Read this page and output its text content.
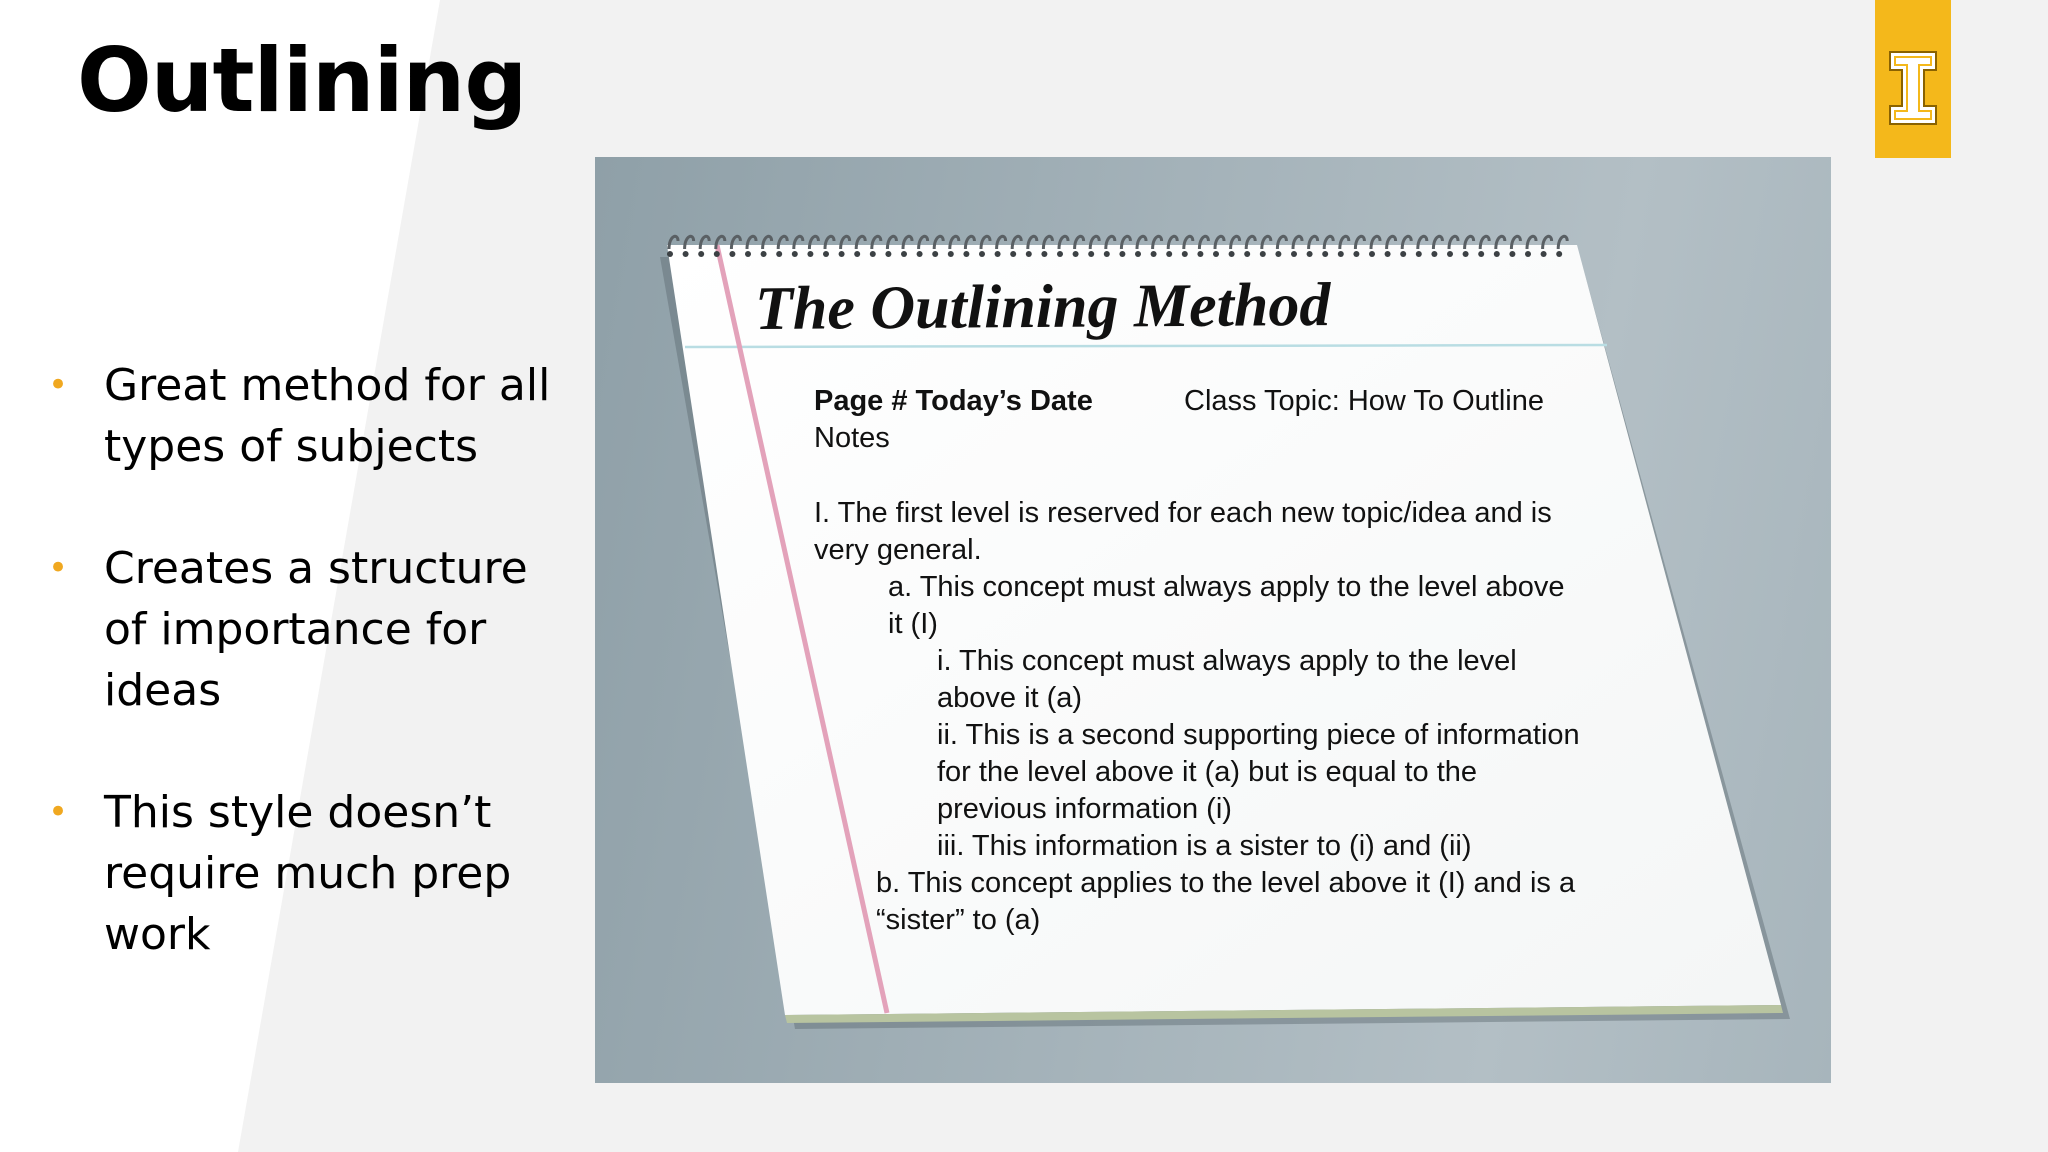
Outlining
• Great method for all
types of subjects
• Creates a structure
of importance for
ideas
• This style doesn’t
require much prep
work
The Outlining Method
Page # Today’s Date	Class Topic: How To Outline
Notes
I. The first level is reserved for each new topic/idea and is
very general.
a. This concept must always apply to the level above
it (I)
i. This concept must always apply to the level
above it (a)
ii. This is a second supporting piece of information
for the level above it (a) but is equal to the
previous information (i)
iii. This information is a sister to (i) and (ii)
b. This concept applies to the level above it (I) and is a
“sister” to (a)
